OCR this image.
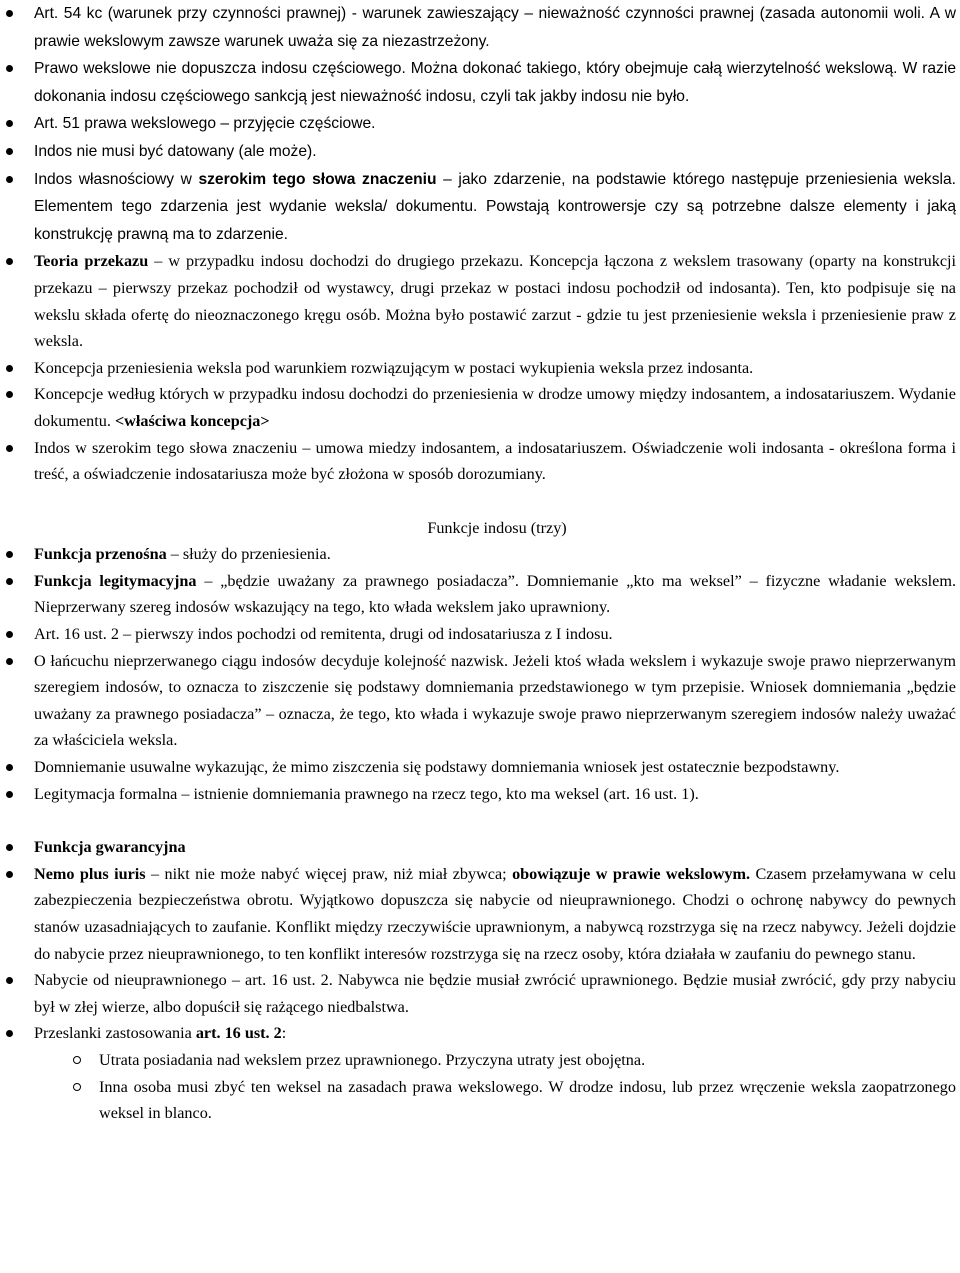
Art. 54 kc (warunek przy czynności prawnej) - warunek zawieszający – nieważność czynności prawnej (zasada autonomii woli. A w prawie wekslowym zawsze warunek uważa się za niezastrzeżony.
Prawo wekslowe nie dopuszcza indosu częściowego. Można dokonać takiego, który obejmuje całą wierzytelność wekslową. W razie dokonania indosu częściowego sankcją jest nieważność indosu, czyli tak jakby indosu nie było.
Art. 51 prawa wekslowego – przyjęcie częściowe.
Indos nie musi być datowany (ale może).
Indos własnościowy w szerokim tego słowa znaczeniu – jako zdarzenie, na podstawie którego następuje przeniesienia weksla. Elementem tego zdarzenia jest wydanie weksla/ dokumentu. Powstają kontrowersje czy są potrzebne dalsze elementy i jaką konstrukcję prawną ma to zdarzenie.
Teoria przekazu – w przypadku indosu dochodzi do drugiego przekazu. Koncepcja łączona z wekslem trasowany (oparty na konstrukcji przekazu – pierwszy przekaz pochodził od wystawcy, drugi przekaz w postaci indosu pochodził od indosanta). Ten, kto podpisuje się na wekslu składa ofertę do nieoznaczonego kręgu osób. Można było postawić zarzut - gdzie tu jest przeniesienie weksla i przeniesienie praw z weksla.
Koncepcja przeniesienia weksla pod warunkiem rozwiązującym w postaci wykupienia weksla przez indosanta.
Koncepcje według których w przypadku indosu dochodzi do przeniesienia w drodze umowy między indosantem, a indosatariuszem. Wydanie dokumentu. <właściwa koncepcja>
Indos w szerokim tego słowa znaczeniu – umowa miedzy indosantem, a indosatariuszem. Oświadczenie woli indosanta - określona forma i treść, a oświadczenie indosatariusza może być złożona w sposób dorozumiany.
Funkcje indosu (trzy)
Funkcja przenośna – służy do przeniesienia.
Funkcja legitymacyjna – „będzie uważany za prawnego posiadacza”. Domniemanie „kto ma weksel” – fizyczne władanie wekslem. Nieprzerwany szereg indosów wskazujący na tego, kto włada wekslem jako uprawniony.
Art. 16 ust. 2 – pierwszy indos pochodzi od remitenta, drugi od indosatariusza z I indosu.
O łańcuchu nieprzerwanego ciągu indosów decyduje kolejność nazwisk. Jeżeli ktoś włada wekslem i wykazuje swoje prawo nieprzerwanym szeregiem indosów, to oznacza to ziszczenie się podstawy domniemania przedstawionego w tym przepisie. Wniosek domniemania „będzie uważany za prawnego posiadacza” – oznacza, że tego, kto włada i wykazuje swoje prawo nieprzerwanym szeregiem indosów należy uważać za właściciela weksla.
Domniemanie usuwalne wykazując, że mimo ziszczenia się podstawy domniemania wniosek jest ostatecznie bezpodstawny.
Legitymacja formalna – istnienie domniemania prawnego na rzecz tego, kto ma weksel (art. 16 ust. 1).
Funkcja gwarancyjna
Nemo plus iuris – nikt nie może nabyć więcej praw, niż miał zbywca; obowiązuje w prawie wekslowym. Czasem przełamywana w celu zabezpieczenia bezpieczeństwa obrotu. Wyjątkowo dopuszcza się nabycie od nieuprawnionego. Chodzi o ochronę nabywcy do pewnych stanów uzasadniających to zaufanie. Konflikt między rzeczywiście uprawnionym, a nabywcą rozstrzyga się na rzecz nabywcy. Jeżeli dojdzie do nabycie przez nieuprawnionego, to ten konflikt interesów rozstrzyga się na rzecz osoby, która działała w zaufaniu do pewnego stanu.
Nabycie od nieuprawnionego – art. 16 ust. 2. Nabywca nie będzie musiał zwrócić uprawnionego. Będzie musiał zwrócić, gdy przy nabyciu był w złej wierze, albo dopuścił się rażącego niedbalstwa.
Przeslanki zastosowania art. 16 ust. 2:
Utrata posiadania nad wekslem przez uprawnionego. Przyczyna utraty jest obojętna.
Inna osoba musi zbyć ten weksel na zasadach prawa wekslowego. W drodze indosu, lub przez wręczenie weksla zaopatrzonego weksel in blanco.
